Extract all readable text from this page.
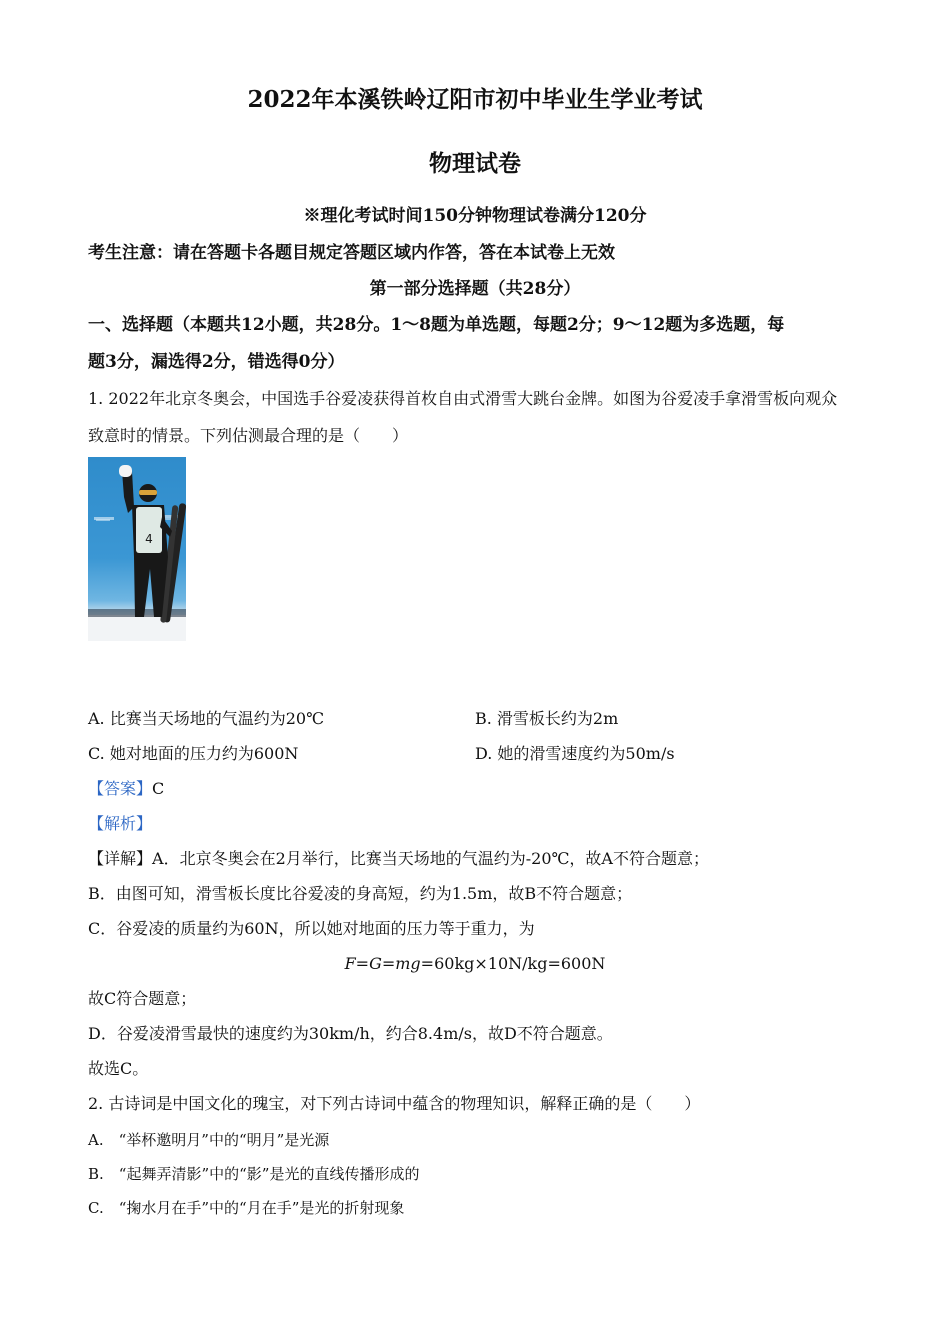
2022年本溪铁岭辽阳市初中毕业生学业考试
物理试卷
※理化考试时间150分钟物理试卷满分120分
考生注意：请在答题卡各题目规定答题区域内作答，答在本试卷上无效
第一部分选择题（共28分）
一、选择题（本题共12小题，共28分。1～8题为单选题，每题2分；9～12题为多选题，每
题3分，漏选得2分，错选得0分）
1. 2022年北京冬奥会，中国选手谷爱凌获得首枚自由式滑雪大跳台金牌。如图为谷爱凌手拿滑雪板向观众
致意时的情景。下列估测最合理的是（　　）
4
A. 比赛当天场地的气温约为20℃	B. 滑雪板长约为2m
C. 她对地面的压力约为600N	D. 她的滑雪速度约为50m/s
【答案】C
【解析】
【详解】A．北京冬奥会在2月举行，比赛当天场地的气温约为-20℃，故A不符合题意；
B．由图可知，滑雪板长度比谷爱凌的身高短，约为1.5m，故B不符合题意；
C．谷爱凌的质量约为60N，所以她对地面的压力等于重力，为
F=G=mg=60kg×10N/kg=600N
故C符合题意；
D．谷爱凌滑雪最快的速度约为30km/h，约合8.4m/s，故D不符合题意。
故选C。
2. 古诗词是中国文化的瑰宝，对下列古诗词中蕴含的物理知识，解释正确的是（　　）
A.　“举杯邀明月”中的“明月”是光源
B.　“起舞弄清影”中的“影”是光的直线传播形成的
C.　“掬水月在手”中的“月在手”是光的折射现象
